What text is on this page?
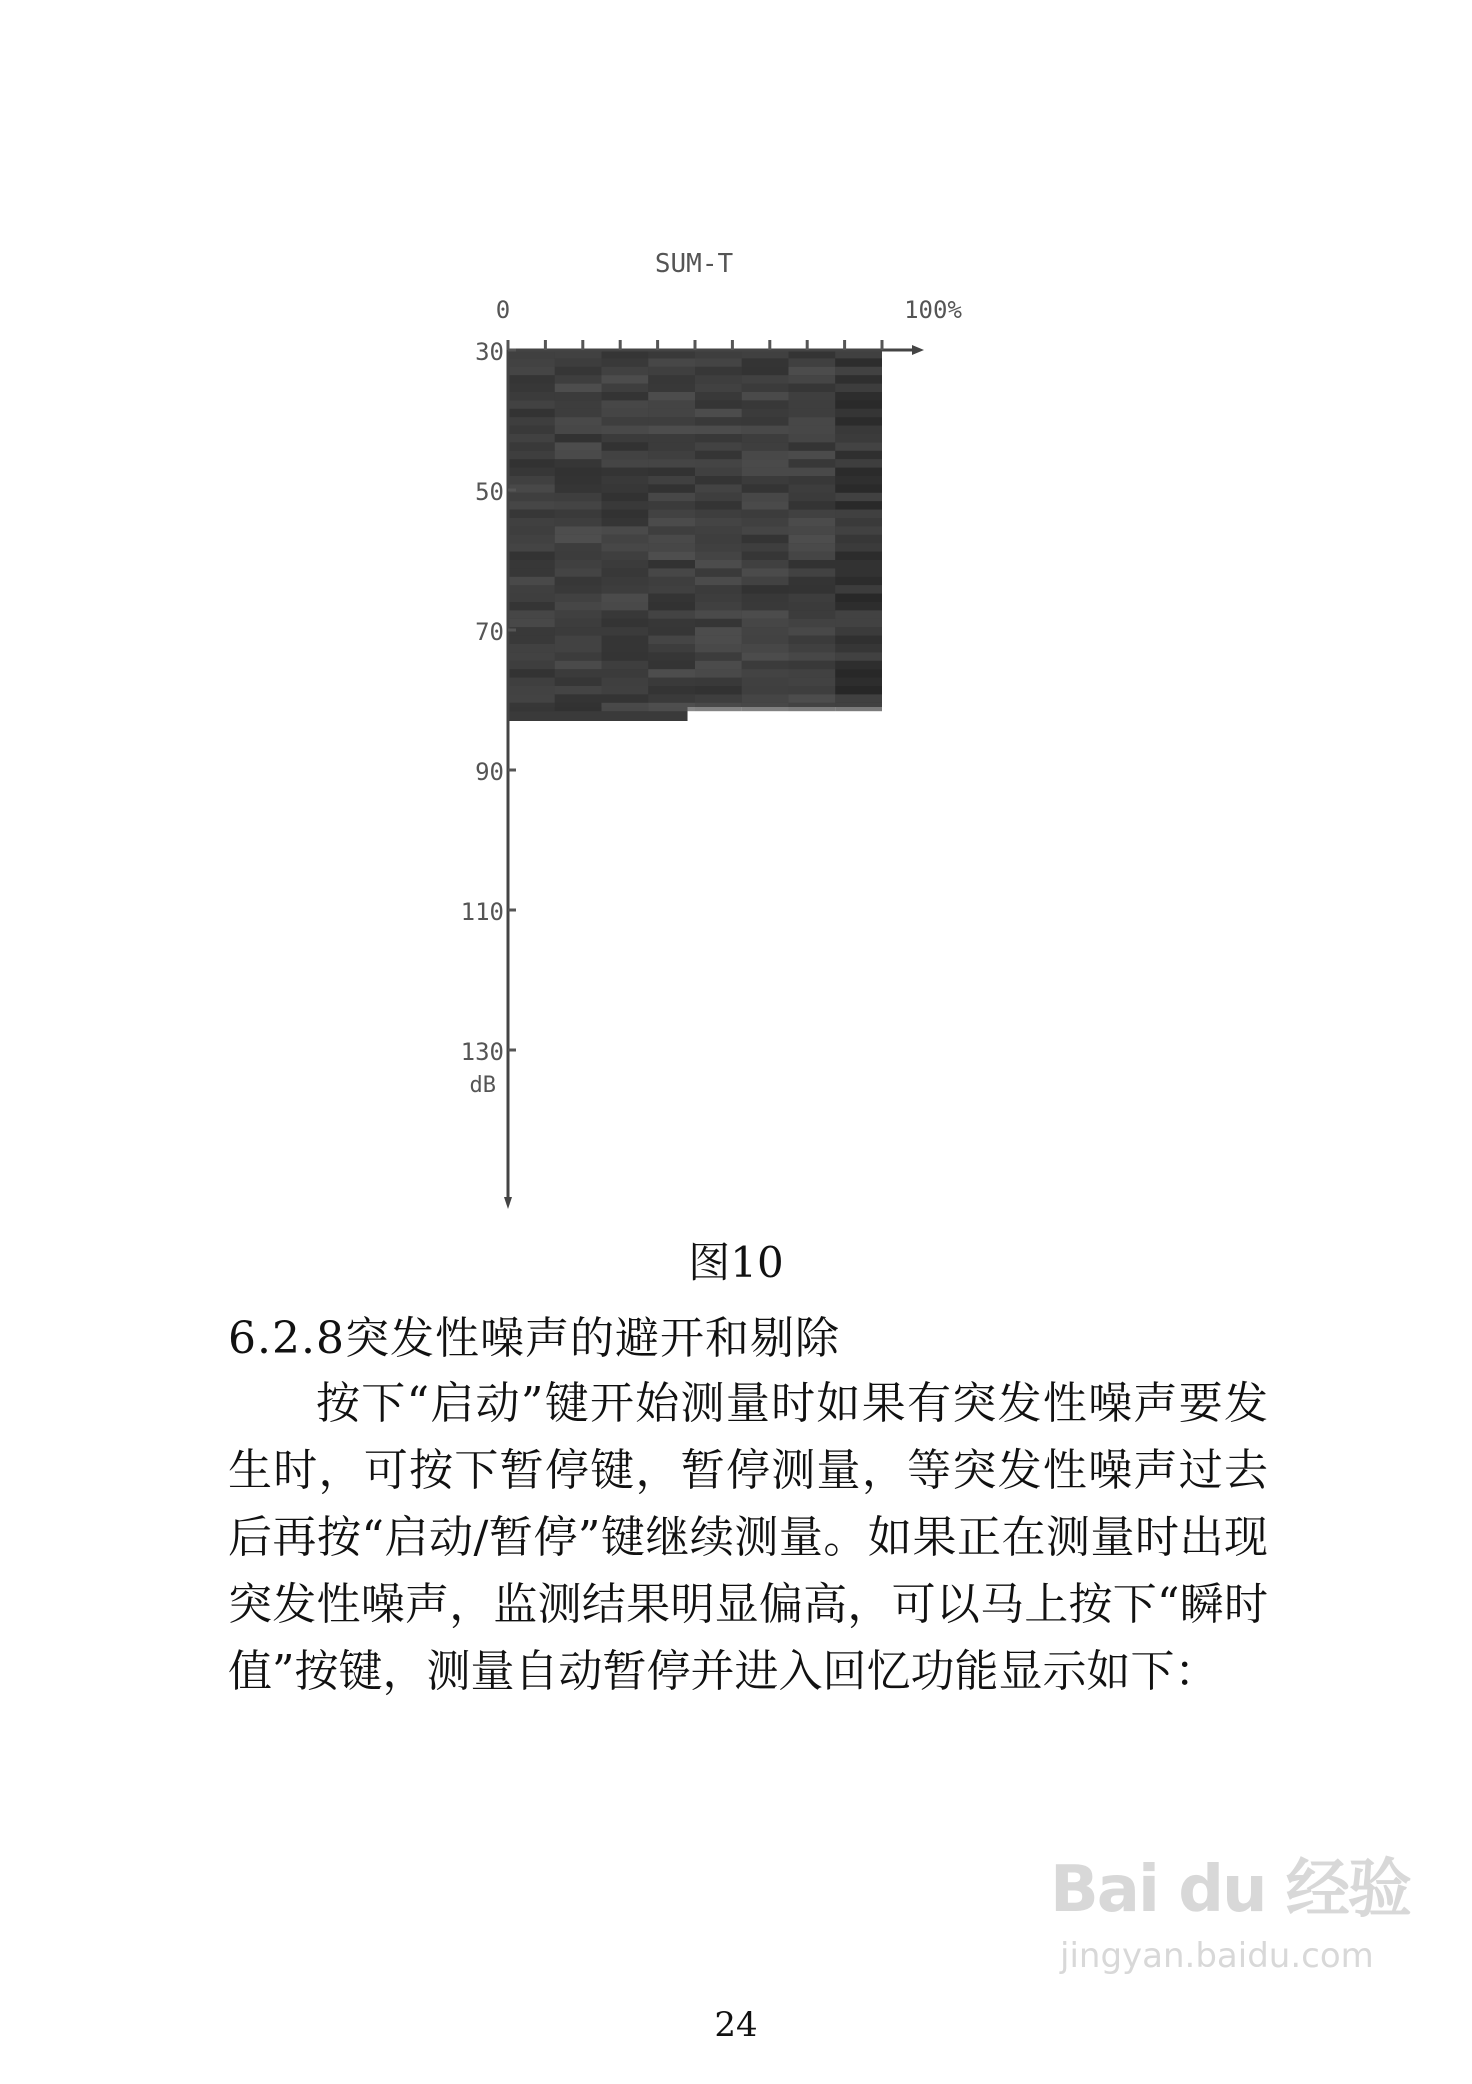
SUM-T
0	100%
30
50
70
90
110
130
dB
图10
6.2.8突发性噪声的避开和剔除

按下“启动”键开始测量时如果有突发性噪声要发生时，可按下暂停键，暂停测量，等突发性噪声过去后再按“启动/暂停”键继续测量。如果正在测量时出现突发性噪声，监测结果明显偏高，可以马上按下“瞬时值”按键，测量自动暂停并进入回忆功能显示如下：

24
Bai du 经验
jingyan.baidu.com
